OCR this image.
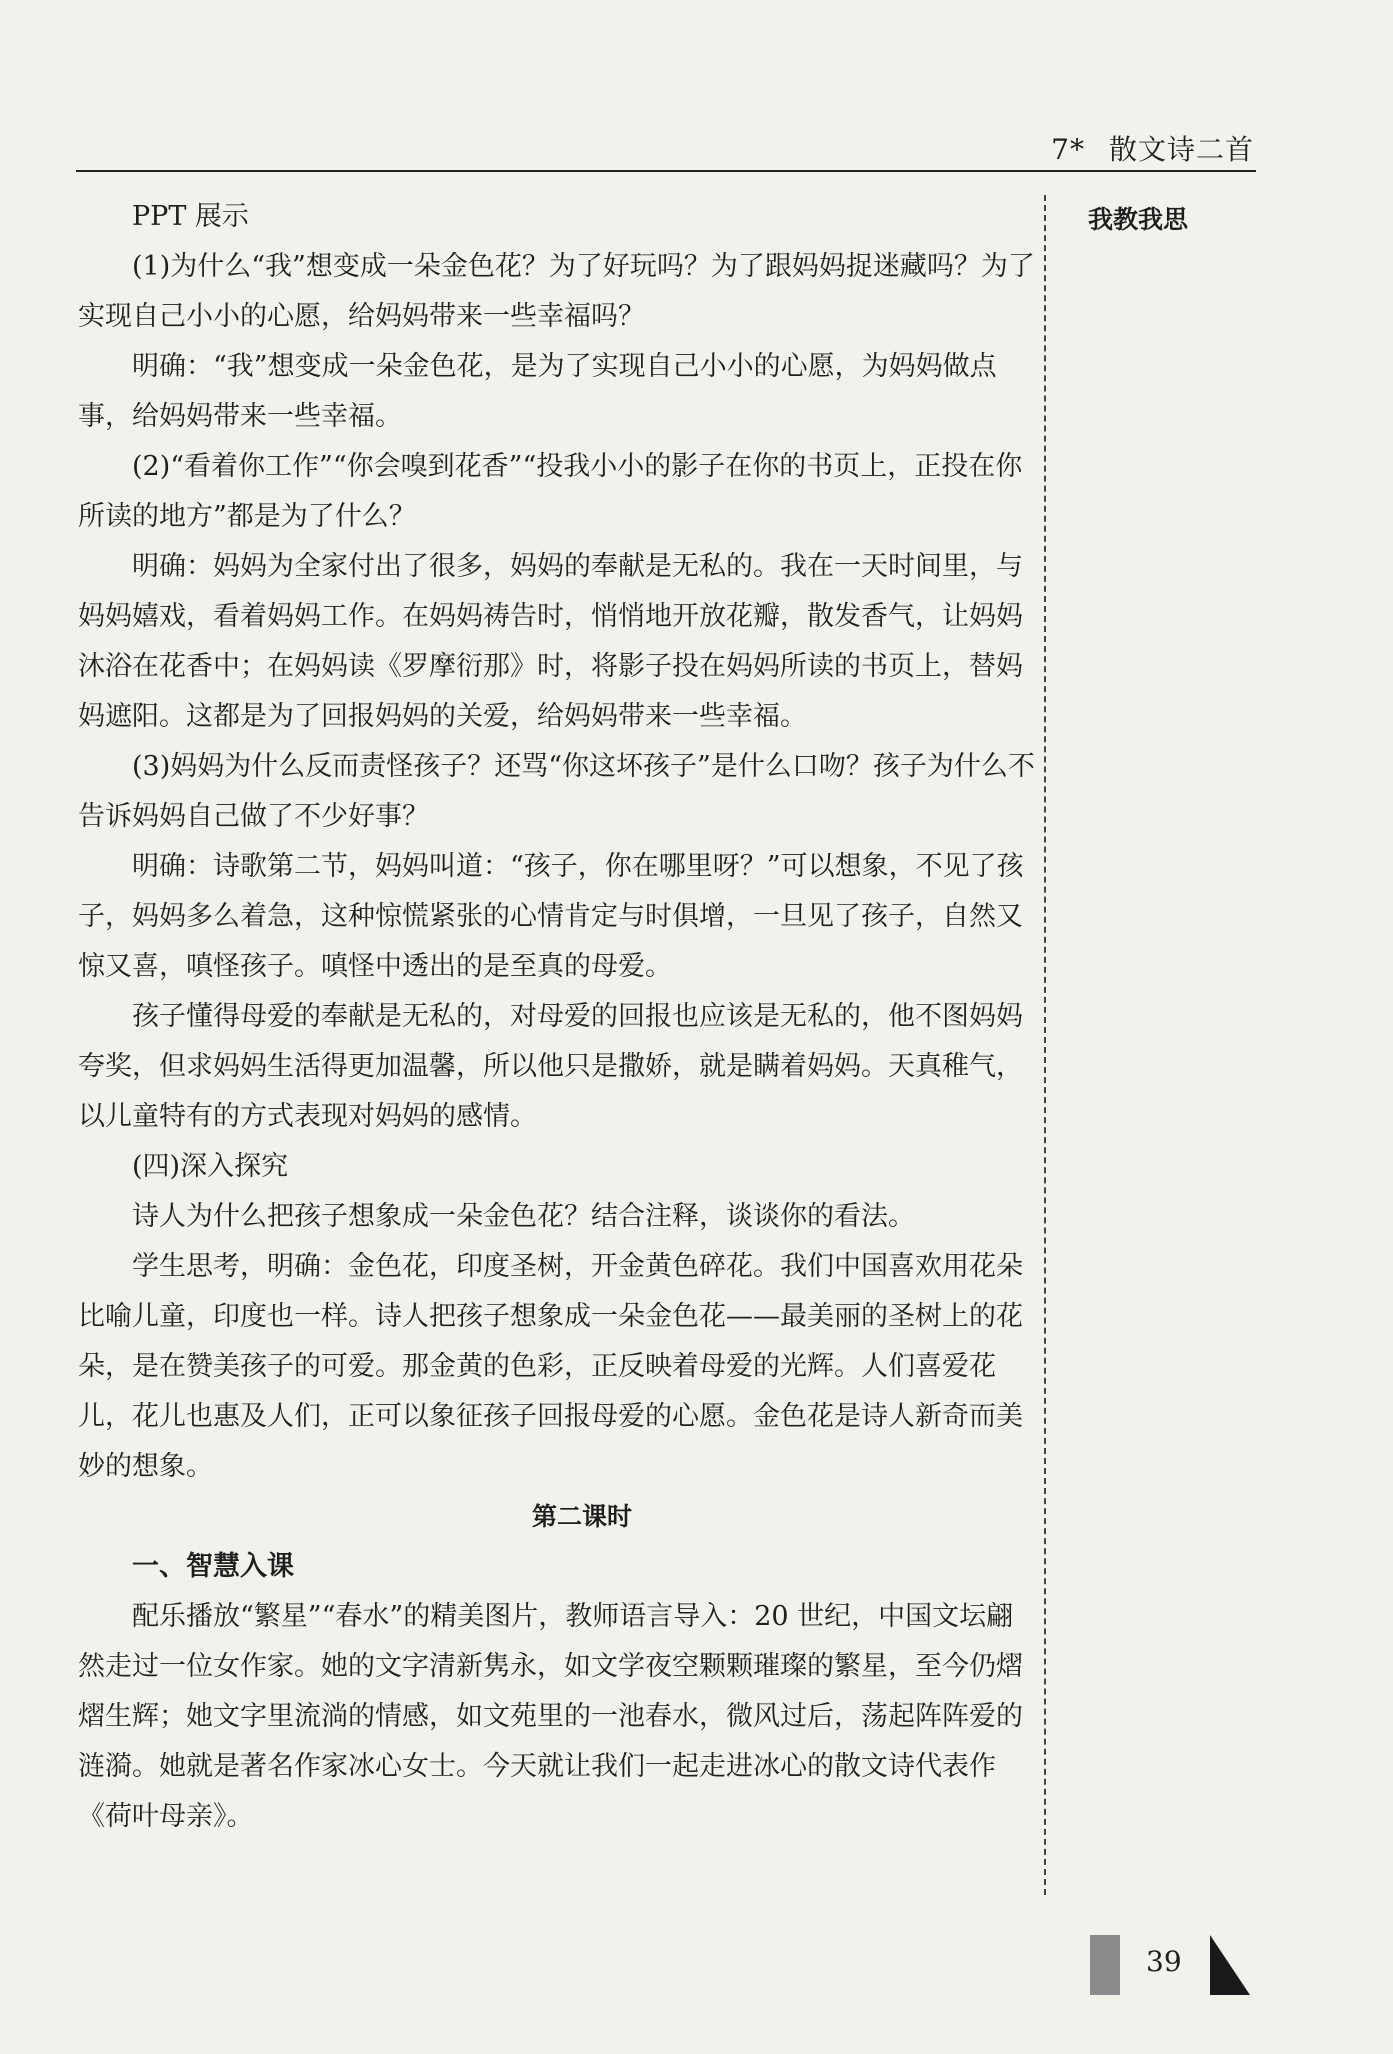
7* 散文诗二首
我教我思

PPT 展示

(1)为什么“我”想变成一朵金色花？为了好玩吗？为了跟妈妈捉迷藏吗？为了实现自己小小的心愿，给妈妈带来一些幸福吗？

明确：“我”想变成一朵金色花，是为了实现自己小小的心愿，为妈妈做点事，给妈妈带来一些幸福。

(2)“看着你工作”“你会嗅到花香”“投我小小的影子在你的书页上，正投在你所读的地方”都是为了什么？

明确：妈妈为全家付出了很多，妈妈的奉献是无私的。我在一天时间里，与妈妈嬉戏，看着妈妈工作。在妈妈祷告时，悄悄地开放花瓣，散发香气，让妈妈沐浴在花香中；在妈妈读《罗摩衍那》时，将影子投在妈妈所读的书页上，替妈妈遮阳。这都是为了回报妈妈的关爱，给妈妈带来一些幸福。

(3)妈妈为什么反而责怪孩子？还骂“你这坏孩子”是什么口吻？孩子为什么不告诉妈妈自己做了不少好事？

明确：诗歌第二节，妈妈叫道：“孩子，你在哪里呀？”可以想象，不见了孩子，妈妈多么着急，这种惊慌紧张的心情肯定与时俱增，一旦见了孩子，自然又惊又喜，嗔怪孩子。嗔怪中透出的是至真的母爱。

孩子懂得母爱的奉献是无私的，对母爱的回报也应该是无私的，他不图妈妈夸奖，但求妈妈生活得更加温馨，所以他只是撒娇，就是瞒着妈妈。天真稚气，以儿童特有的方式表现对妈妈的感情。

(四)深入探究

诗人为什么把孩子想象成一朵金色花？结合注释，谈谈你的看法。

学生思考，明确：金色花，印度圣树，开金黄色碎花。我们中国喜欢用花朵比喻儿童，印度也一样。诗人把孩子想象成一朵金色花——最美丽的圣树上的花朵，是在赞美孩子的可爱。那金黄的色彩，正反映着母爱的光辉。人们喜爱花儿，花儿也惠及人们，正可以象征孩子回报母爱的心愿。金色花是诗人新奇而美妙的想象。

第二课时

一、智慧入课

配乐播放“繁星”“春水”的精美图片，教师语言导入：20 世纪，中国文坛翩然走过一位女作家。她的文字清新隽永，如文学夜空颗颗璀璨的繁星，至今仍熠熠生辉；她文字里流淌的情感，如文苑里的一池春水，微风过后，荡起阵阵爱的涟漪。她就是著名作家冰心女士。今天就让我们一起走进冰心的散文诗代表作《荷叶母亲》。

39
